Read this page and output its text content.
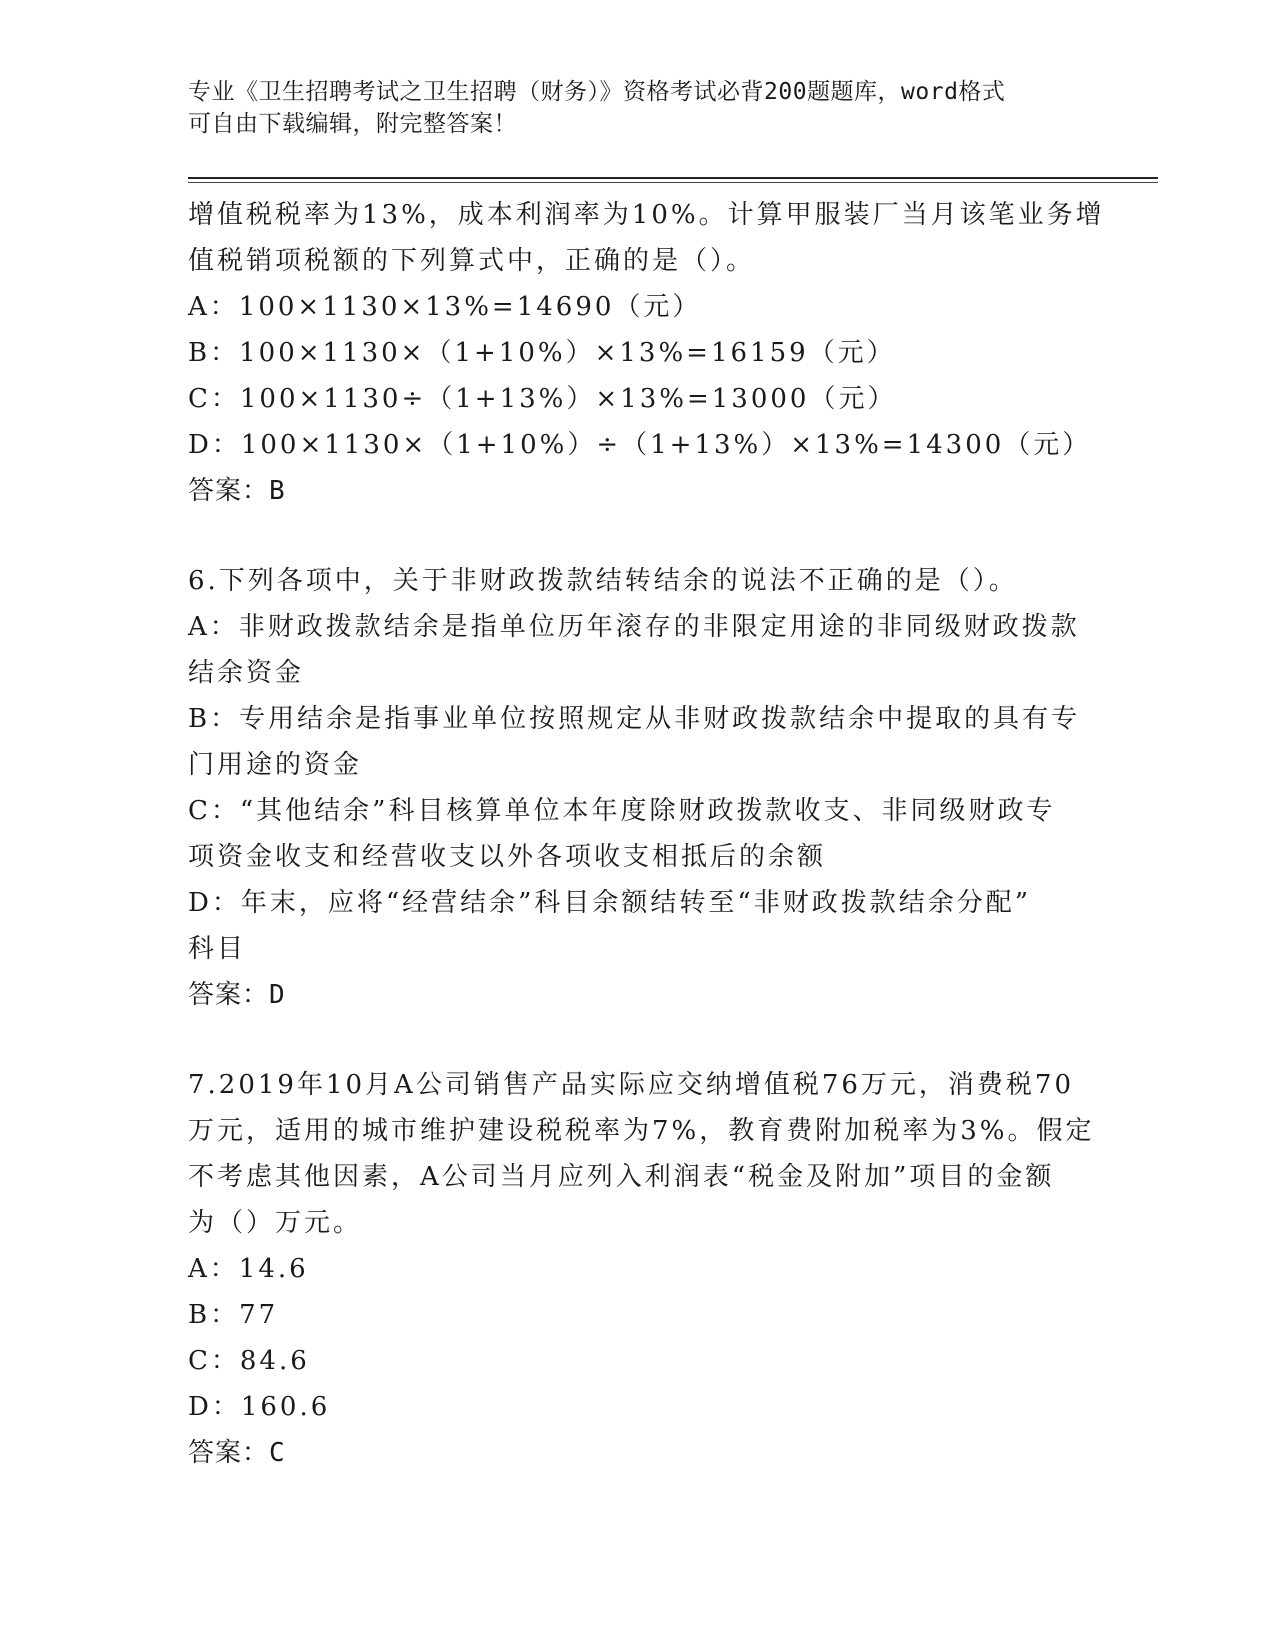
专业《卫生招聘考试之卫生招聘（财务）》资格考试必背200题题库，word格式
可自由下载编辑，附完整答案！
增值税税率为13%，成本利润率为10%。计算甲服装厂当月该笔业务增
值税销项税额的下列算式中，正确的是（）。
A：100×1130×13%=14690（元）
B：100×1130×（1+10%）×13%=16159（元）
C：100×1130÷（1+13%）×13%=13000（元）
D：100×1130×（1+10%）÷（1+13%）×13%=14300（元）
答案：B
6.下列各项中，关于非财政拨款结转结余的说法不正确的是（）。
A：非财政拨款结余是指单位历年滚存的非限定用途的非同级财政拨款
结余资金
B：专用结余是指事业单位按照规定从非财政拨款结余中提取的具有专
门用途的资金
C：“其他结余”科目核算单位本年度除财政拨款收支、非同级财政专
项资金收支和经营收支以外各项收支相抵后的余额
D：年末，应将“经营结余”科目余额结转至“非财政拨款结余分配”
科目
答案：D
7.2019年10月A公司销售产品实际应交纳增值税76万元，消费税70
万元，适用的城市维护建设税税率为7%，教育费附加税率为3%。假定
不考虑其他因素，A公司当月应列入利润表“税金及附加”项目的金额
为（）万元。
A：14.6
B：77
C：84.6
D：160.6
答案：C
